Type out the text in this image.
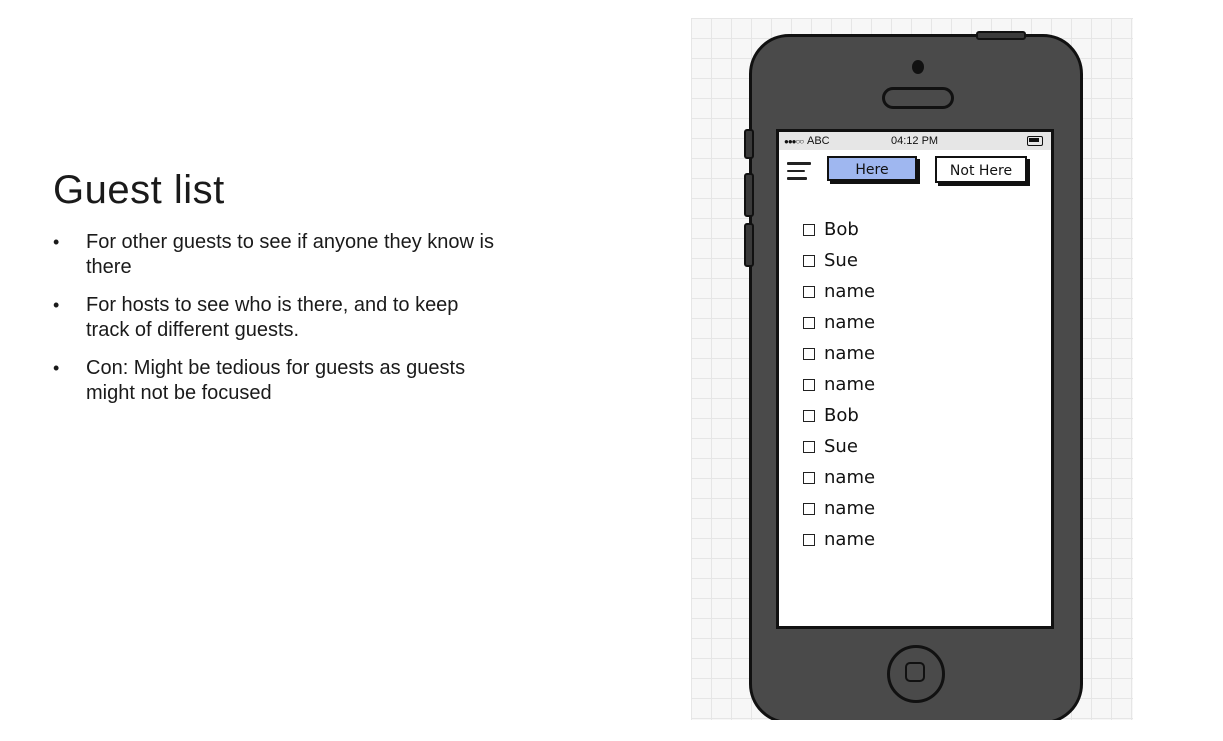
Guest list
• For other guests to see if anyone they know is there
• For hosts to see who is there, and to keep track of different guests.
• Con: Might be tedious for guests as guests might not be focused
●●●○○ ABC	04:12 PM
Here	Not Here
Bob
Sue
name
name
name
name
Bob
Sue
name
name
name
